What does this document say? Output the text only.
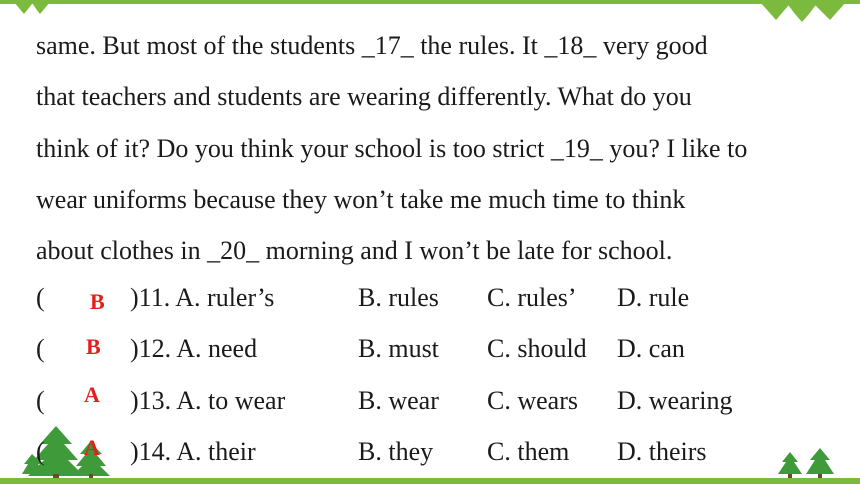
same. But most of the students _17_ the rules. It _18_ very good
that teachers and students are wearing differently. What do you
think of it? Do you think your school is too strict _19_ you? I like to
wear uniforms because they won’t take me much time to think
about clothes in _20_ morning and I won’t be late for school.
( B )11. A. ruler’s	B. rules C. rules’ D. rule
( B )12. A. need	B. must C. should D. can
( A )13. A. to wear	B. wear C. wears D. wearing
( A )14. A. their	B. they C. them D. theirs
